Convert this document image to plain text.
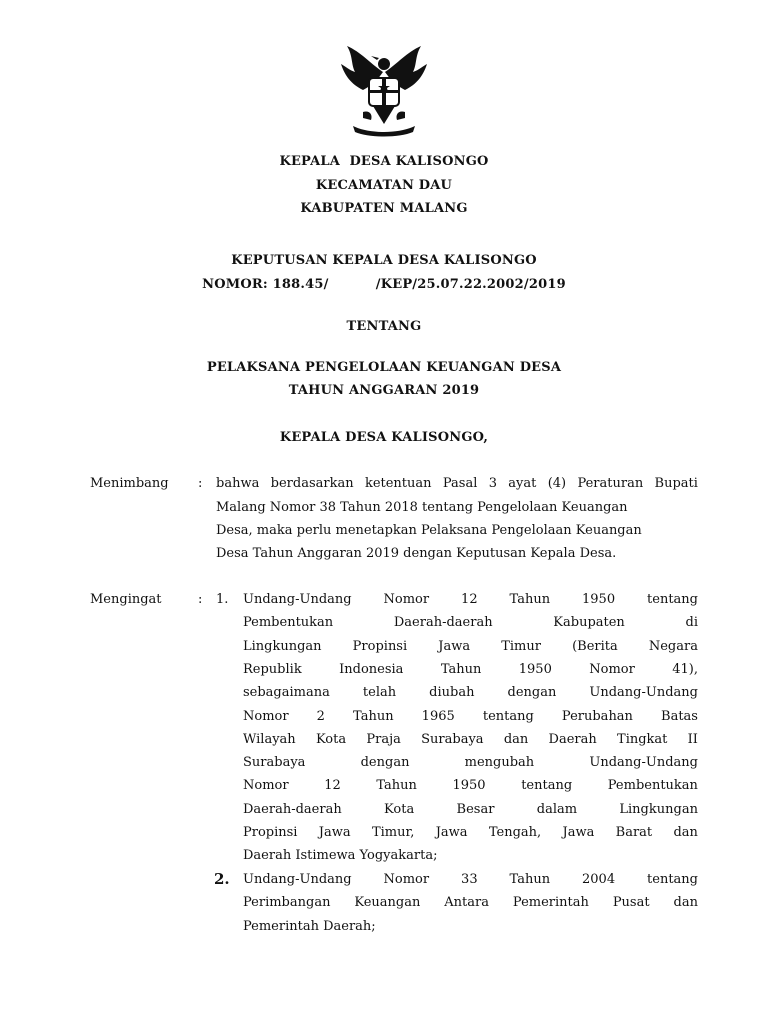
KEPALA  DESA KALISONGO
KECAMATAN DAU
KABUPATEN MALANG
KEPUTUSAN KEPALA DESA KALISONGO
NOMOR: 188.45/          /KEP/25.07.22.2002/2019
TENTANG
PELAKSANA PENGELOLAAN KEUANGAN DESA
TAHUN ANGGARAN 2019
KEPALA DESA KALISONGO,
Menimbang : bahwa berdasarkan ketentuan Pasal 3 ayat (4) Peraturan Bupati
Malang Nomor 38 Tahun 2018 tentang Pengelolaan Keuangan
Desa, maka perlu menetapkan Pelaksana Pengelolaan Keuangan
Desa Tahun Anggaran 2019 dengan Keputusan Kepala Desa.
Mengingat	: 1. Undang-Undang Nomor 12 Tahun 1950 tentang
Pembentukan	Daerah-daerah	Kabupaten	di
Lingkungan Propinsi Jawa Timur (Berita Negara
Republik	Indonesia	Tahun	1950	Nomor	41),
sebagaimana	telah	diubah	dengan	Undang-Undang
Nomor 2 Tahun 1965 tentang Perubahan Batas
Wilayah Kota Praja Surabaya dan Daerah Tingkat II
Surabaya	dengan	mengubah	Undang-Undang
Nomor	12	Tahun	1950	tentang	Pembentukan
Daerah-daerah	Kota	Besar	dalam	Lingkungan
Propinsi Jawa Timur, Jawa Tengah, Jawa Barat dan
Daerah Istimewa Yogyakarta;
2. Undang-Undang Nomor 33 Tahun 2004 tentang
Perimbangan Keuangan Antara Pemerintah Pusat dan
Pemerintah Daerah;
